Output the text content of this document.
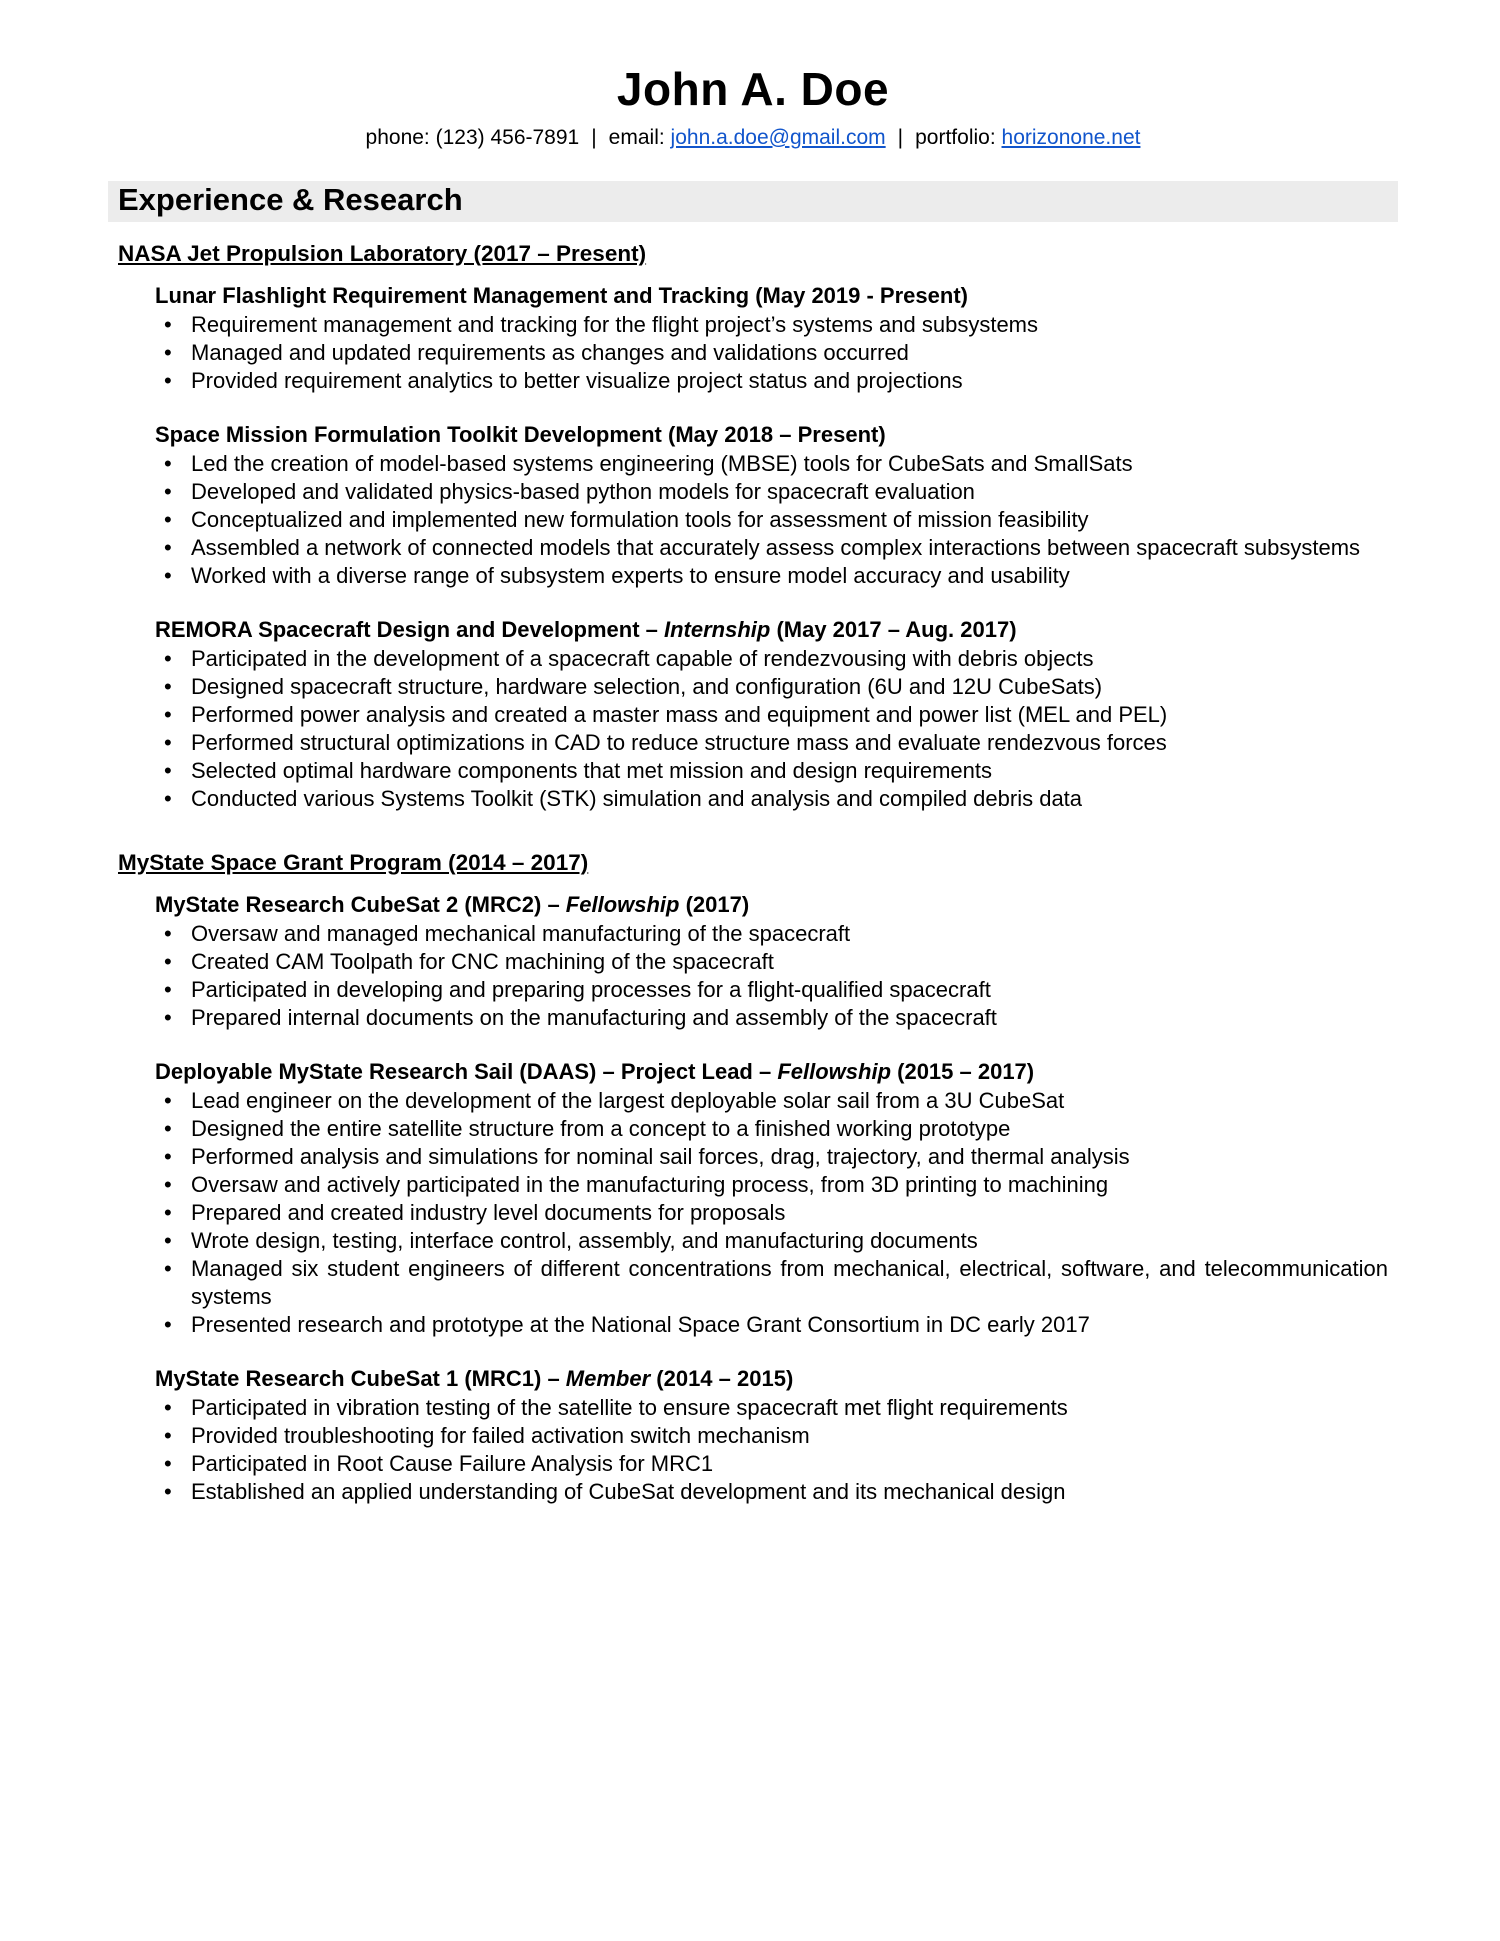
John A. Doe
phone: (123) 456-7891 | email: john.a.doe@gmail.com | portfolio: horizonone.net
Experience & Research
NASA Jet Propulsion Laboratory (2017 – Present)
Lunar Flashlight Requirement Management and Tracking (May 2019 - Present)
• Requirement management and tracking for the flight project’s systems and subsystems
• Managed and updated requirements as changes and validations occurred
• Provided requirement analytics to better visualize project status and projections
Space Mission Formulation Toolkit Development (May 2018 – Present)
• Led the creation of model-based systems engineering (MBSE) tools for CubeSats and SmallSats
• Developed and validated physics-based python models for spacecraft evaluation
• Conceptualized and implemented new formulation tools for assessment of mission feasibility
• Assembled a network of connected models that accurately assess complex interactions between spacecraft subsystems
• Worked with a diverse range of subsystem experts to ensure model accuracy and usability
REMORA Spacecraft Design and Development – Internship (May 2017 – Aug. 2017)
• Participated in the development of a spacecraft capable of rendezvousing with debris objects
• Designed spacecraft structure, hardware selection, and configuration (6U and 12U CubeSats)
• Performed power analysis and created a master mass and equipment and power list (MEL and PEL)
• Performed structural optimizations in CAD to reduce structure mass and evaluate rendezvous forces
• Selected optimal hardware components that met mission and design requirements
• Conducted various Systems Toolkit (STK) simulation and analysis and compiled debris data
MyState Space Grant Program (2014 – 2017)
MyState Research CubeSat 2 (MRC2) – Fellowship (2017)
• Oversaw and managed mechanical manufacturing of the spacecraft
• Created CAM Toolpath for CNC machining of the spacecraft
• Participated in developing and preparing processes for a flight-qualified spacecraft
• Prepared internal documents on the manufacturing and assembly of the spacecraft
Deployable MyState Research Sail (DAAS) – Project Lead – Fellowship (2015 – 2017)
• Lead engineer on the development of the largest deployable solar sail from a 3U CubeSat
• Designed the entire satellite structure from a concept to a finished working prototype
• Performed analysis and simulations for nominal sail forces, drag, trajectory, and thermal analysis
• Oversaw and actively participated in the manufacturing process, from 3D printing to machining
• Prepared and created industry level documents for proposals
• Wrote design, testing, interface control, assembly, and manufacturing documents
• Managed six student engineers of different concentrations from mechanical, electrical, software, and telecommunication systems
• Presented research and prototype at the National Space Grant Consortium in DC early 2017
MyState Research CubeSat 1 (MRC1) – Member (2014 – 2015)
• Participated in vibration testing of the satellite to ensure spacecraft met flight requirements
• Provided troubleshooting for failed activation switch mechanism
• Participated in Root Cause Failure Analysis for MRC1
• Established an applied understanding of CubeSat development and its mechanical design
